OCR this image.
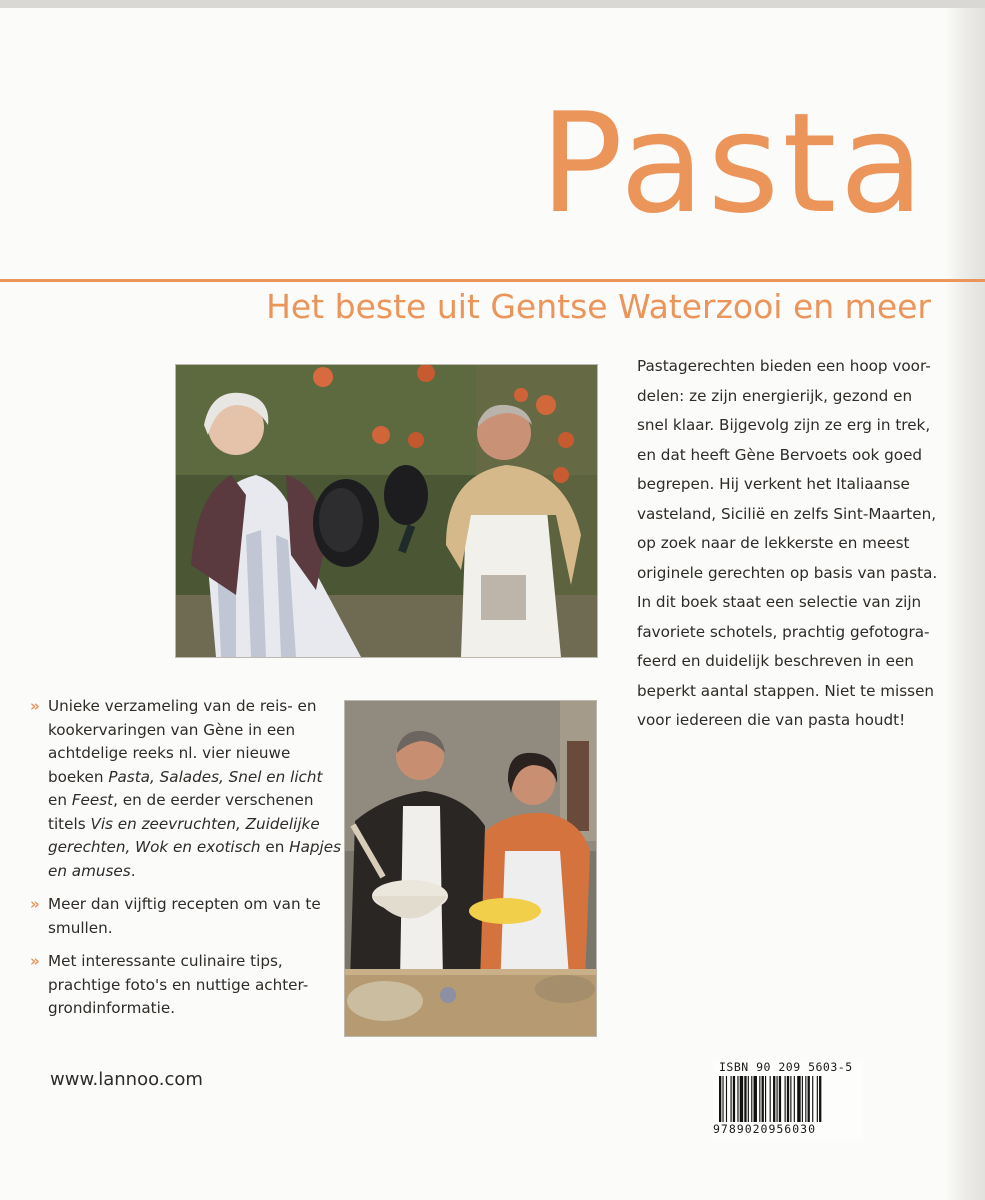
Pasta
Het beste uit Gentse Waterzooi en meer
Pastagerechten bieden een hoop voor-
delen: ze zijn energierijk, gezond en
snel klaar. Bijgevolg zijn ze erg in trek,
en dat heeft Gène Bervoets ook goed
begrepen. Hij verkent het Italiaanse
vasteland, Sicilië en zelfs Sint-Maarten,
op zoek naar de lekkerste en meest
originele gerechten op basis van pasta.
In dit boek staat een selectie van zijn
favoriete schotels, prachtig gefotogra-
feerd en duidelijk beschreven in een
beperkt aantal stappen. Niet te missen
voor iedereen die van pasta houdt!
» Unieke verzameling van de reis- en
kookervaringen van Gène in een
achtdelige reeks nl. vier nieuwe
boeken Pasta, Salades, Snel en licht
en Feest, en de eerder verschenen
titels Vis en zeevruchten, Zuidelijke
gerechten, Wok en exotisch en Hapjes
en amuses.
» Meer dan vijftig recepten om van te
smullen.
» Met interessante culinaire tips,
prachtige foto's en nuttige achter-
grondinformatie.
www.lannoo.com
ISBN 90 209 5603-5
9789020956030
